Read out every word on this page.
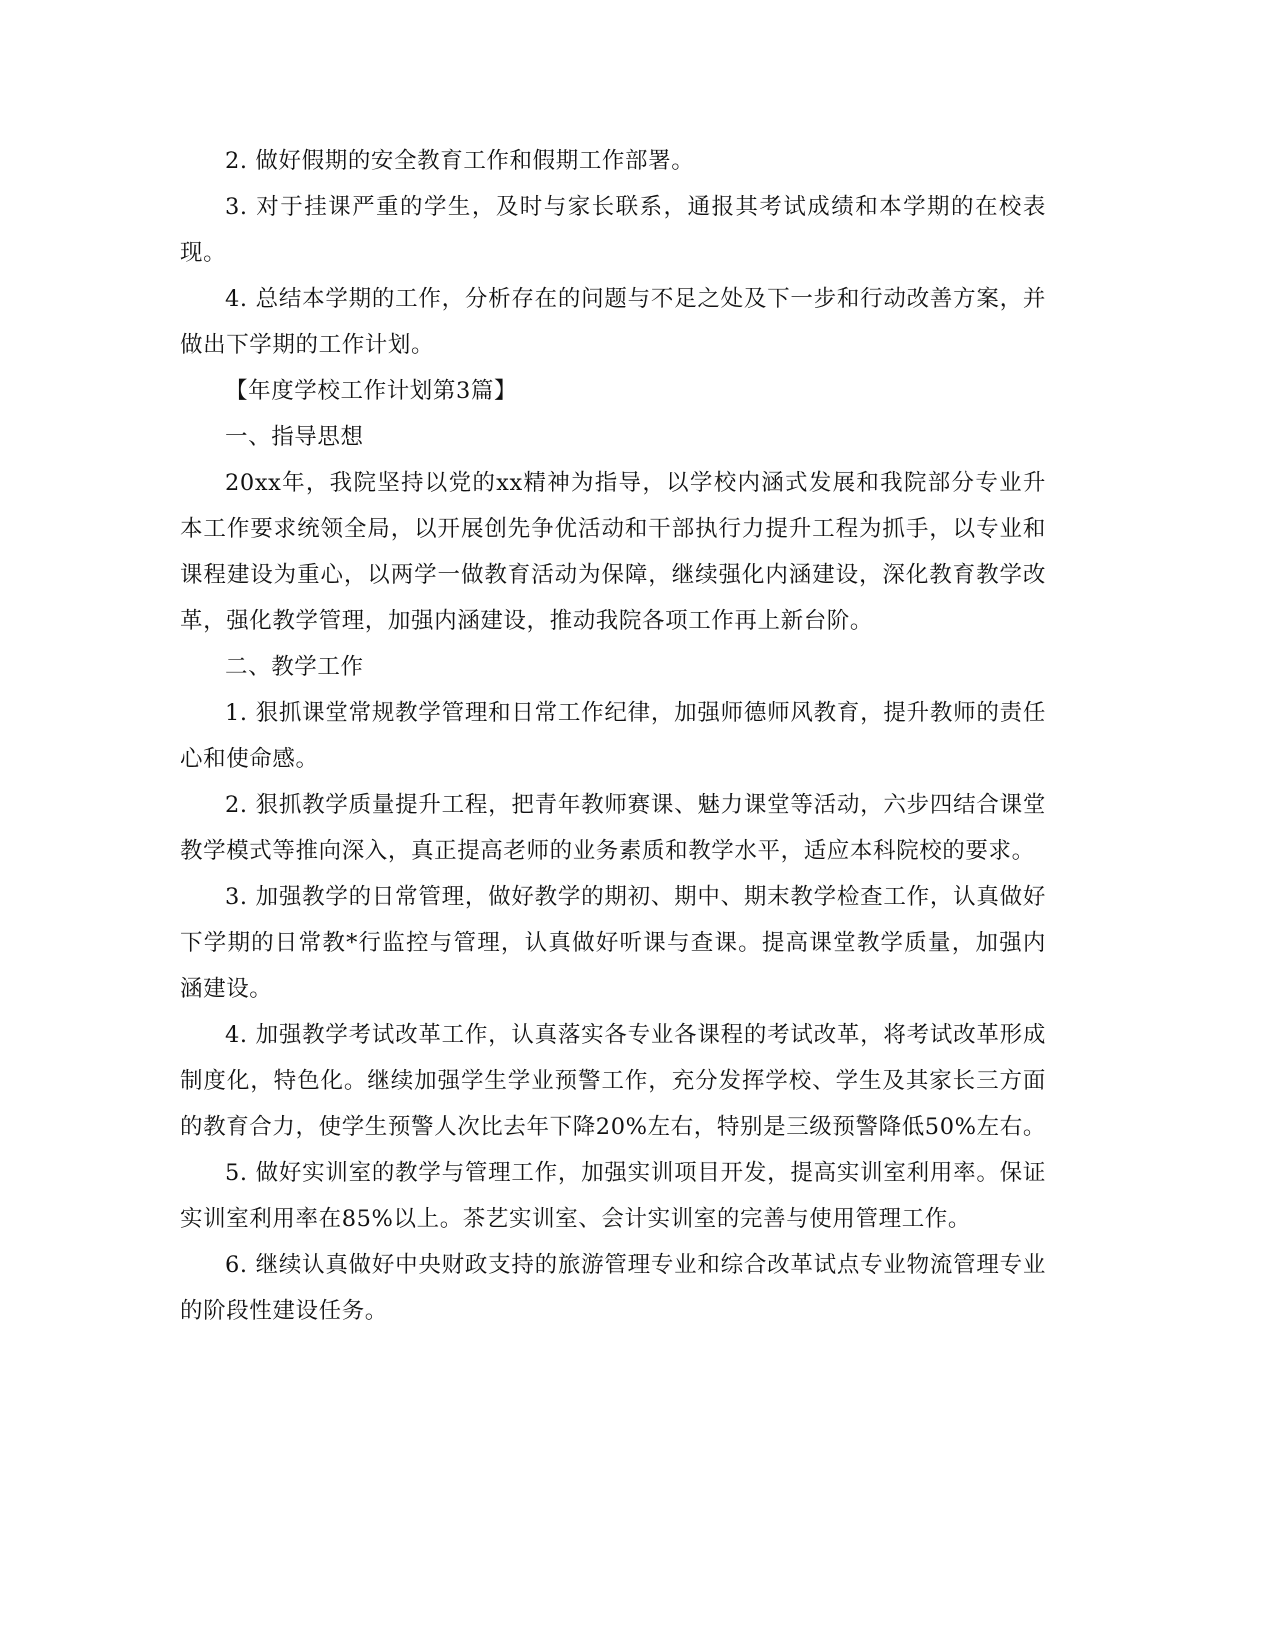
2. 做好假期的安全教育工作和假期工作部署。

3. 对于挂课严重的学生，及时与家长联系，通报其考试成绩和本学期的在校表现。

4. 总结本学期的工作，分析存在的问题与不足之处及下一步和行动改善方案，并做出下学期的工作计划。

【年度学校工作计划第3篇】

一、指导思想

20xx年，我院坚持以党的xx精神为指导，以学校内涵式发展和我院部分专业升本工作要求统领全局，以开展创先争优活动和干部执行力提升工程为抓手，以专业和课程建设为重心，以两学一做教育活动为保障，继续强化内涵建设，深化教育教学改革，强化教学管理，加强内涵建设，推动我院各项工作再上新台阶。

二、教学工作

1. 狠抓课堂常规教学管理和日常工作纪律，加强师德师风教育，提升教师的责任心和使命感。

2. 狠抓教学质量提升工程，把青年教师赛课、魅力课堂等活动，六步四结合课堂教学模式等推向深入，真正提高老师的业务素质和教学水平，适应本科院校的要求。

3. 加强教学的日常管理，做好教学的期初、期中、期末教学检查工作，认真做好下学期的日常教*行监控与管理，认真做好听课与查课。提高课堂教学质量，加强内涵建设。

4. 加强教学考试改革工作，认真落实各专业各课程的考试改革，将考试改革形成制度化，特色化。继续加强学生学业预警工作，充分发挥学校、学生及其家长三方面的教育合力，使学生预警人次比去年下降20%左右，特别是三级预警降低50%左右。

5. 做好实训室的教学与管理工作，加强实训项目开发，提高实训室利用率。保证实训室利用率在85%以上。茶艺实训室、会计实训室的完善与使用管理工作。

6. 继续认真做好中央财政支持的旅游管理专业和综合改革试点专业物流管理专业的阶段性建设任务。
